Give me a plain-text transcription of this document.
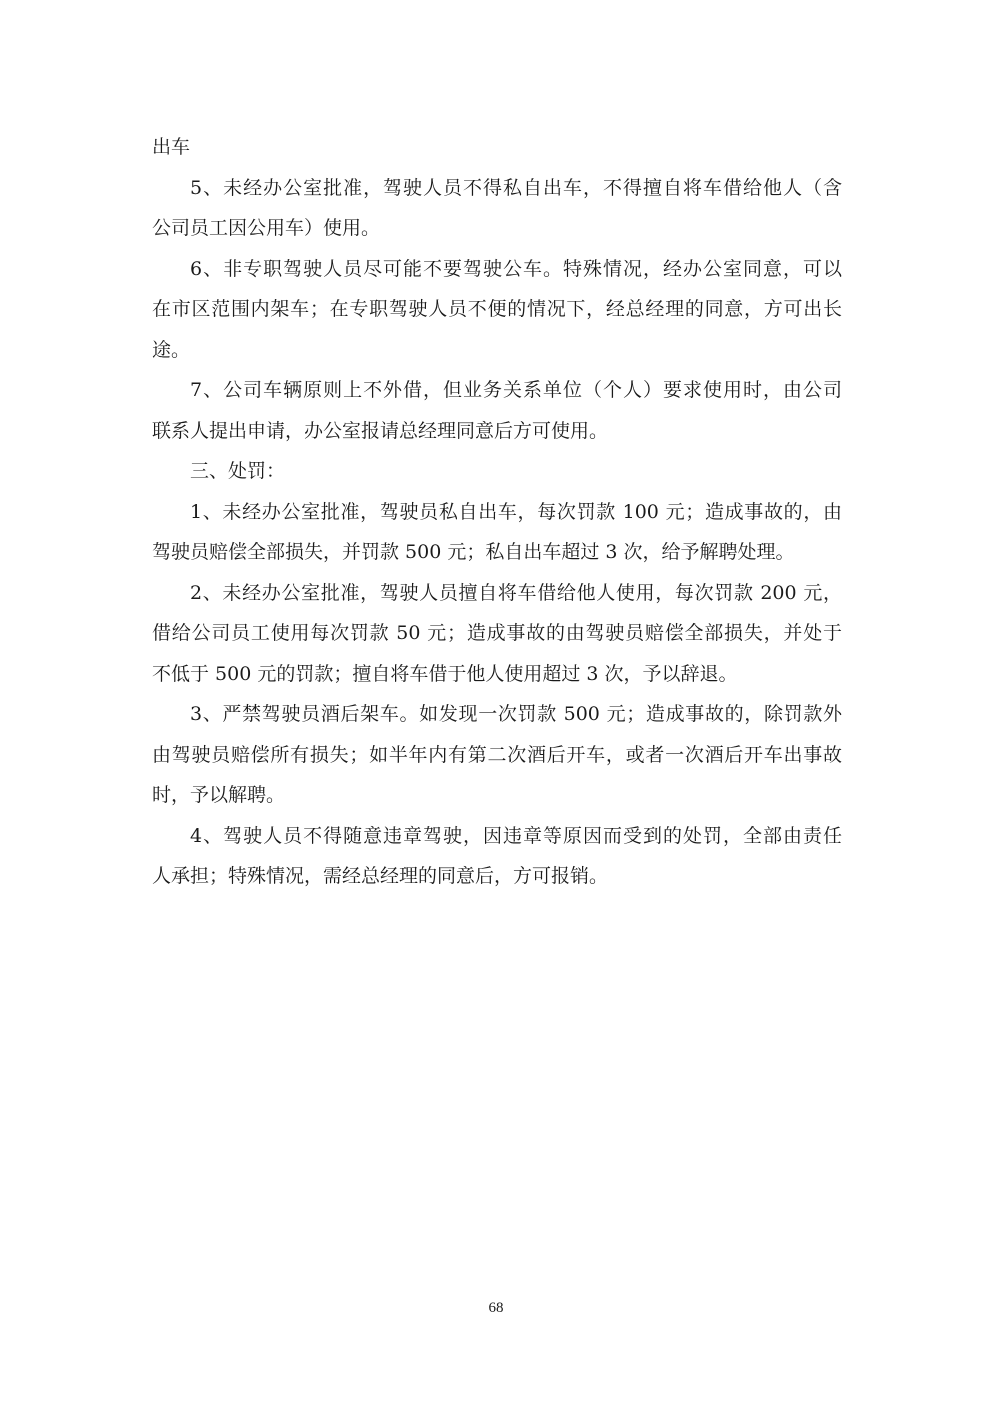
出车
5、未经办公室批准，驾驶人员不得私自出车，不得擅自将车借给他人（含
公司员工因公用车）使用。
6、非专职驾驶人员尽可能不要驾驶公车。特殊情况，经办公室同意，可以
在市区范围内架车；在专职驾驶人员不便的情况下，经总经理的同意，方可出长
途。
7、公司车辆原则上不外借，但业务关系单位（个人）要求使用时，由公司
联系人提出申请，办公室报请总经理同意后方可使用。
三、处罚：
1、未经办公室批准，驾驶员私自出车，每次罚款 100 元；造成事故的，由
驾驶员赔偿全部损失，并罚款 500 元；私自出车超过 3 次，给予解聘处理。
2、未经办公室批准，驾驶人员擅自将车借给他人使用，每次罚款 200 元，
借给公司员工使用每次罚款 50 元；造成事故的由驾驶员赔偿全部损失，并处于
不低于 500 元的罚款；擅自将车借于他人使用超过 3 次，予以辞退。
3、严禁驾驶员酒后架车。如发现一次罚款 500 元；造成事故的，除罚款外
由驾驶员赔偿所有损失；如半年内有第二次酒后开车，或者一次酒后开车出事故
时，予以解聘。
4、驾驶人员不得随意违章驾驶，因违章等原因而受到的处罚，全部由责任
人承担；特殊情况，需经总经理的同意后，方可报销。
68
